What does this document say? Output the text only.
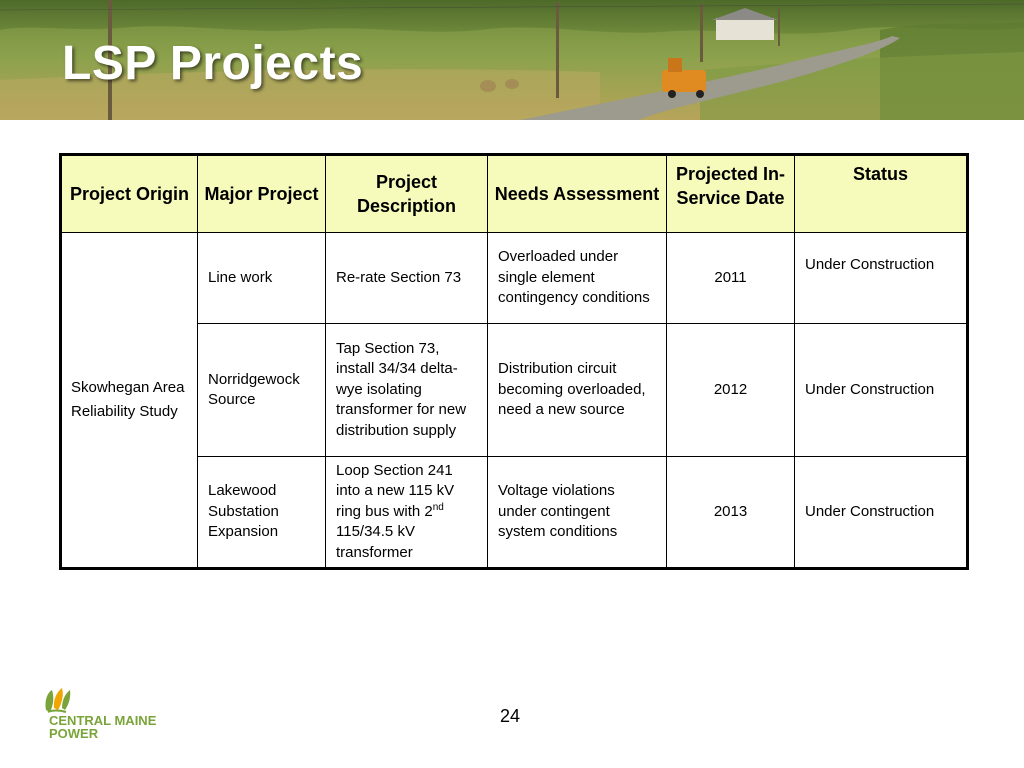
LSP Projects
Project Origin	Major Project	Project Description	Needs Assessment	Projected In-Service Date	Status
Skowhegan Area Reliability Study	Line work	Re-rate Section 73	Overloaded under single element contingency conditions	2011	Under Construction
	Norridgewock Source	Tap Section 73, install 34/34 delta-wye isolating transformer for new distribution supply	Distribution circuit becoming overloaded, need a new source	2012	Under Construction
	Lakewood Substation Expansion	Loop Section 241 into a new 115 kV ring bus with 2nd 115/34.5 kV transformer	Voltage violations under contingent system conditions	2013	Under Construction
24
CENTRAL MAINE
POWER
